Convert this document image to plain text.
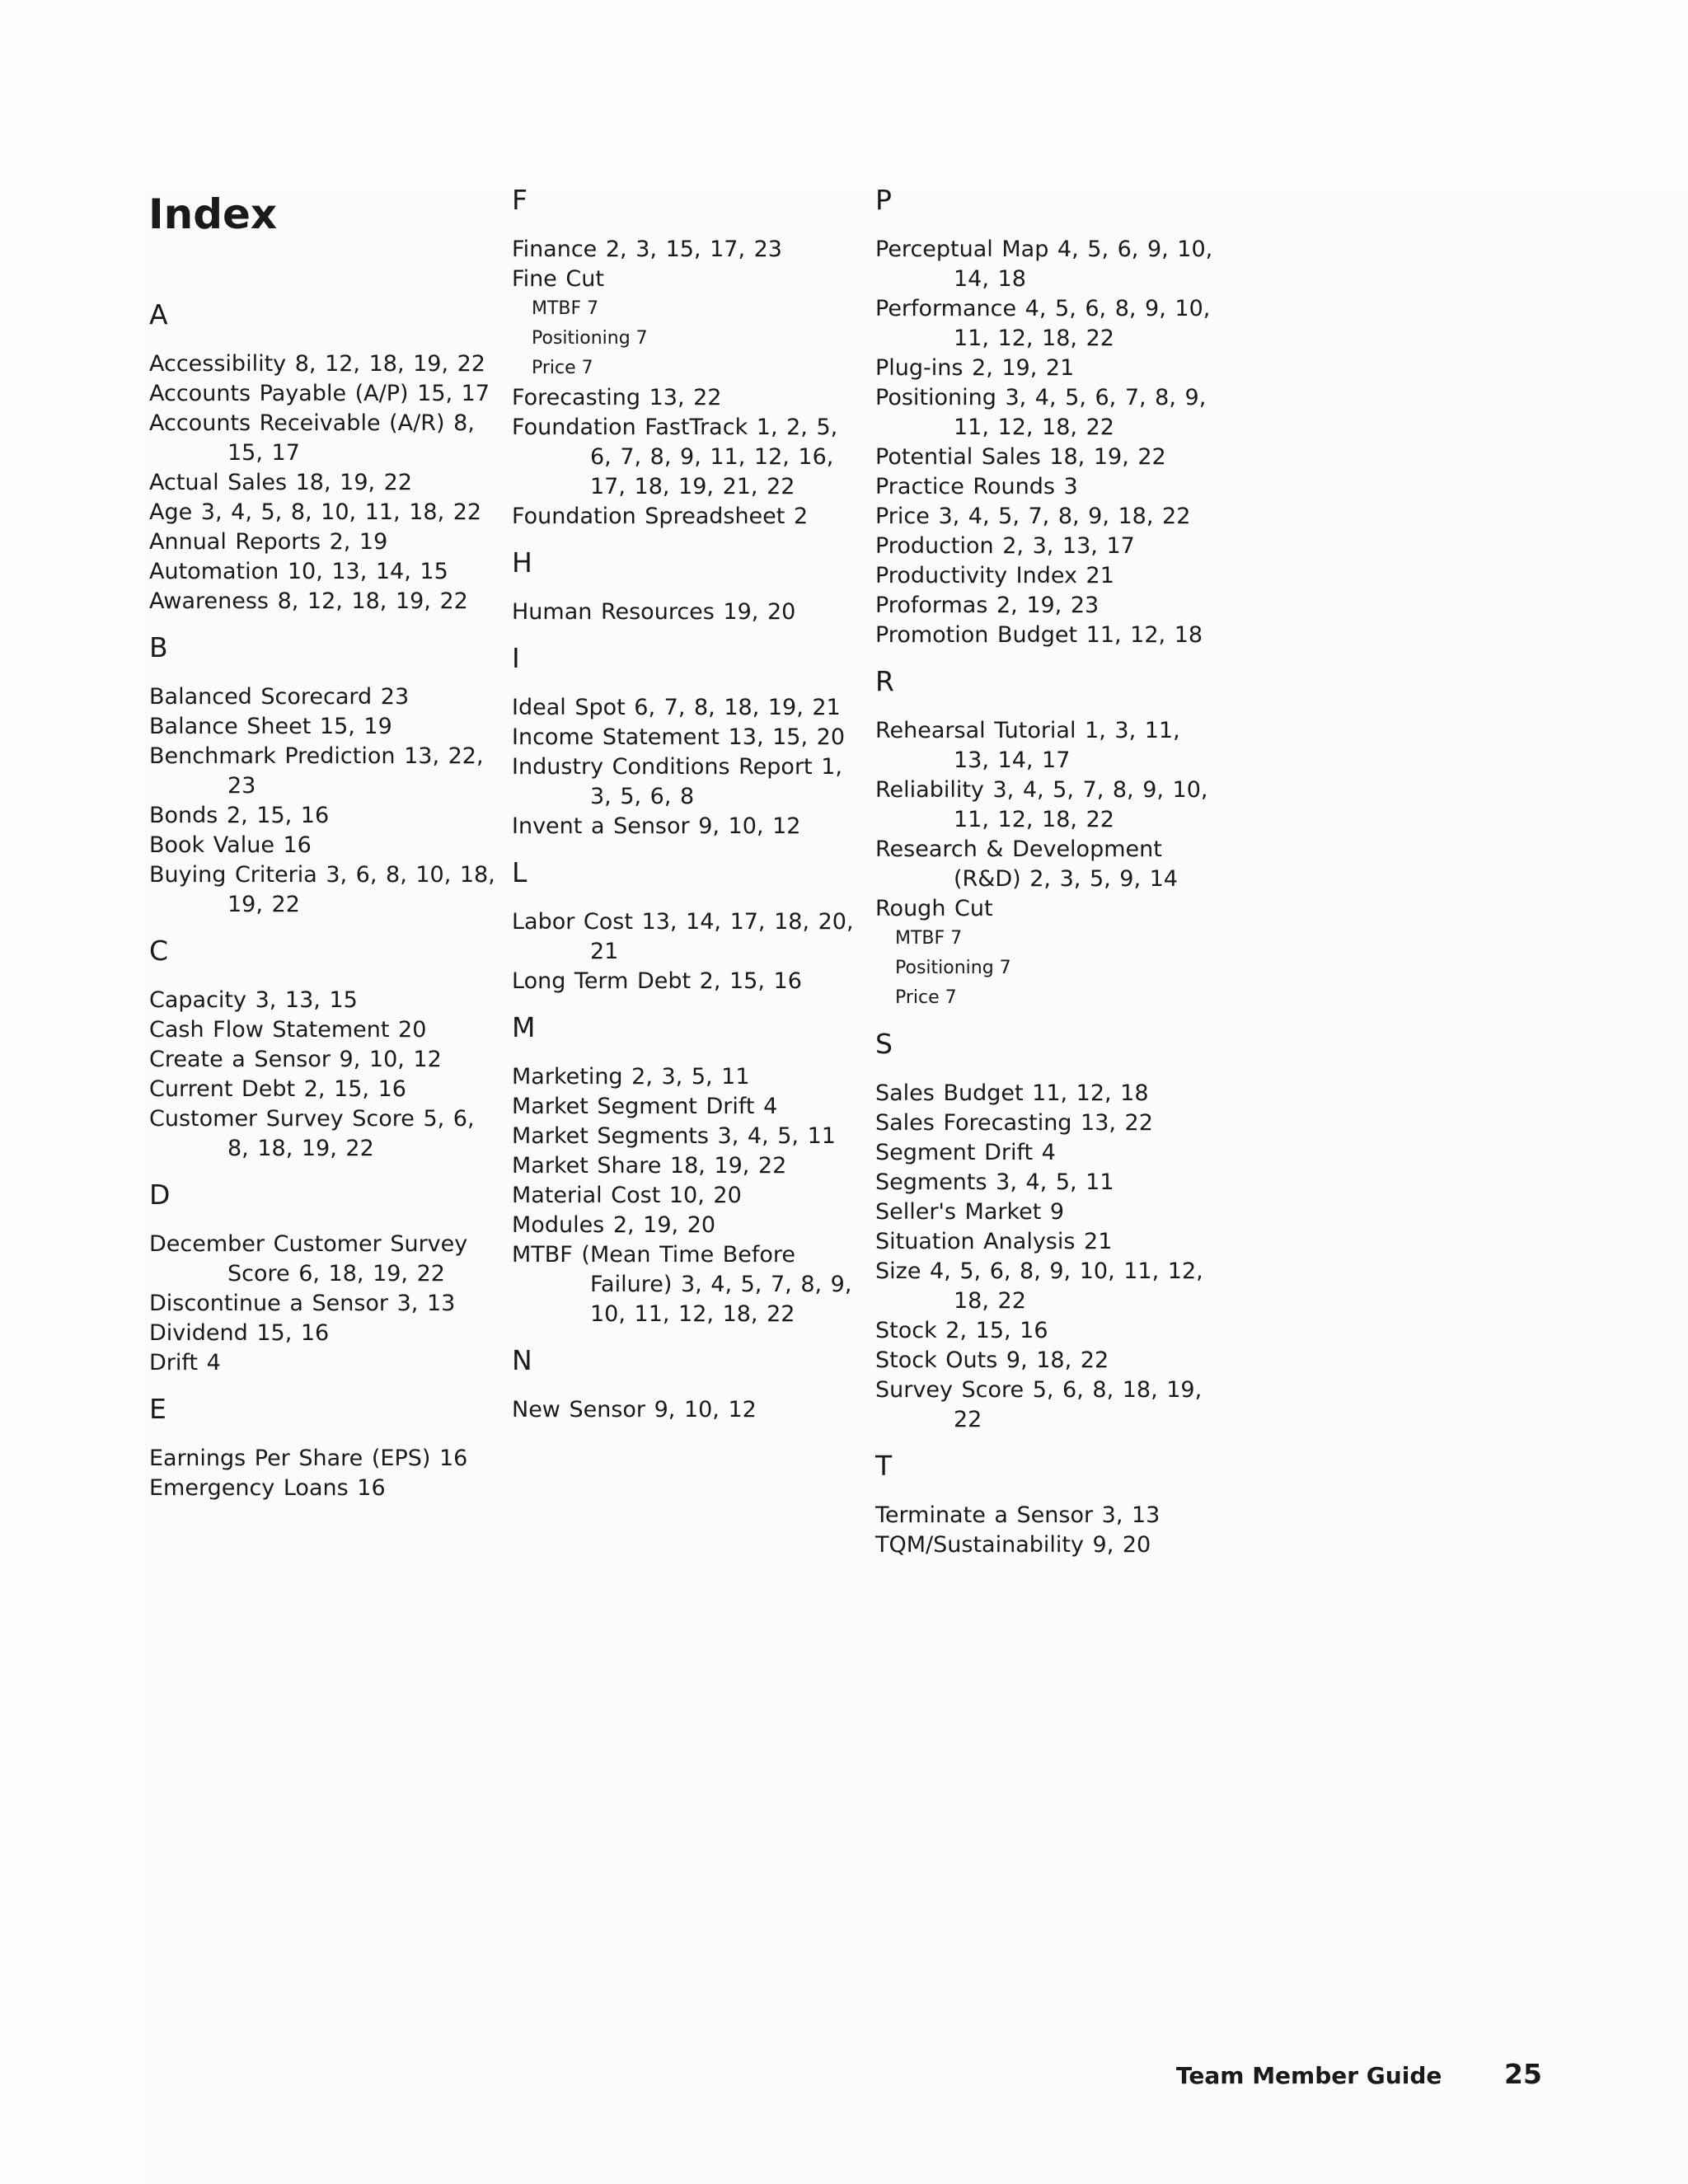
Index
A
Accessibility 8, 12, 18, 19, 22
Accounts Payable (A/P) 15, 17
Accounts Receivable (A/R) 8, 15, 17
Actual Sales 18, 19, 22
Age 3, 4, 5, 8, 10, 11, 18, 22
Annual Reports 2, 19
Automation 10, 13, 14, 15
Awareness 8, 12, 18, 19, 22
B
Balanced Scorecard 23
Balance Sheet 15, 19
Benchmark Prediction 13, 22, 23
Bonds 2, 15, 16
Book Value 16
Buying Criteria 3, 6, 8, 10, 18, 19, 22
C
Capacity 3, 13, 15
Cash Flow Statement 20
Create a Sensor 9, 10, 12
Current Debt 2, 15, 16
Customer Survey Score 5, 6, 8, 18, 19, 22
D
December Customer Survey Score 6, 18, 19, 22
Discontinue a Sensor 3, 13
Dividend 15, 16
Drift 4
E
Earnings Per Share (EPS) 16
Emergency Loans 16
F
Finance 2, 3, 15, 17, 23
Fine Cut
MTBF 7
Positioning 7
Price 7
Forecasting 13, 22
Foundation FastTrack 1, 2, 5, 6, 7, 8, 9, 11, 12, 16, 17, 18, 19, 21, 22
Foundation Spreadsheet 2
H
Human Resources 19, 20
I
Ideal Spot 6, 7, 8, 18, 19, 21
Income Statement 13, 15, 20
Industry Conditions Report 1, 3, 5, 6, 8
Invent a Sensor 9, 10, 12
L
Labor Cost 13, 14, 17, 18, 20, 21
Long Term Debt 2, 15, 16
M
Marketing 2, 3, 5, 11
Market Segment Drift 4
Market Segments 3, 4, 5, 11
Market Share 18, 19, 22
Material Cost 10, 20
Modules 2, 19, 20
MTBF (Mean Time Before Failure) 3, 4, 5, 7, 8, 9, 10, 11, 12, 18, 22
N
New Sensor 9, 10, 12
P
Perceptual Map 4, 5, 6, 9, 10, 14, 18
Performance 4, 5, 6, 8, 9, 10, 11, 12, 18, 22
Plug-ins 2, 19, 21
Positioning 3, 4, 5, 6, 7, 8, 9, 11, 12, 18, 22
Potential Sales 18, 19, 22
Practice Rounds 3
Price 3, 4, 5, 7, 8, 9, 18, 22
Production 2, 3, 13, 17
Productivity Index 21
Proformas 2, 19, 23
Promotion Budget 11, 12, 18
R
Rehearsal Tutorial 1, 3, 11, 13, 14, 17
Reliability 3, 4, 5, 7, 8, 9, 10, 11, 12, 18, 22
Research & Development (R&D) 2, 3, 5, 9, 14
Rough Cut
MTBF 7
Positioning 7
Price 7
S
Sales Budget 11, 12, 18
Sales Forecasting 13, 22
Segment Drift 4
Segments 3, 4, 5, 11
Seller's Market 9
Situation Analysis 21
Size 4, 5, 6, 8, 9, 10, 11, 12, 18, 22
Stock 2, 15, 16
Stock Outs 9, 18, 22
Survey Score 5, 6, 8, 18, 19, 22
T
Terminate a Sensor 3, 13
TQM/Sustainability 9, 20
Team Member Guide 25
